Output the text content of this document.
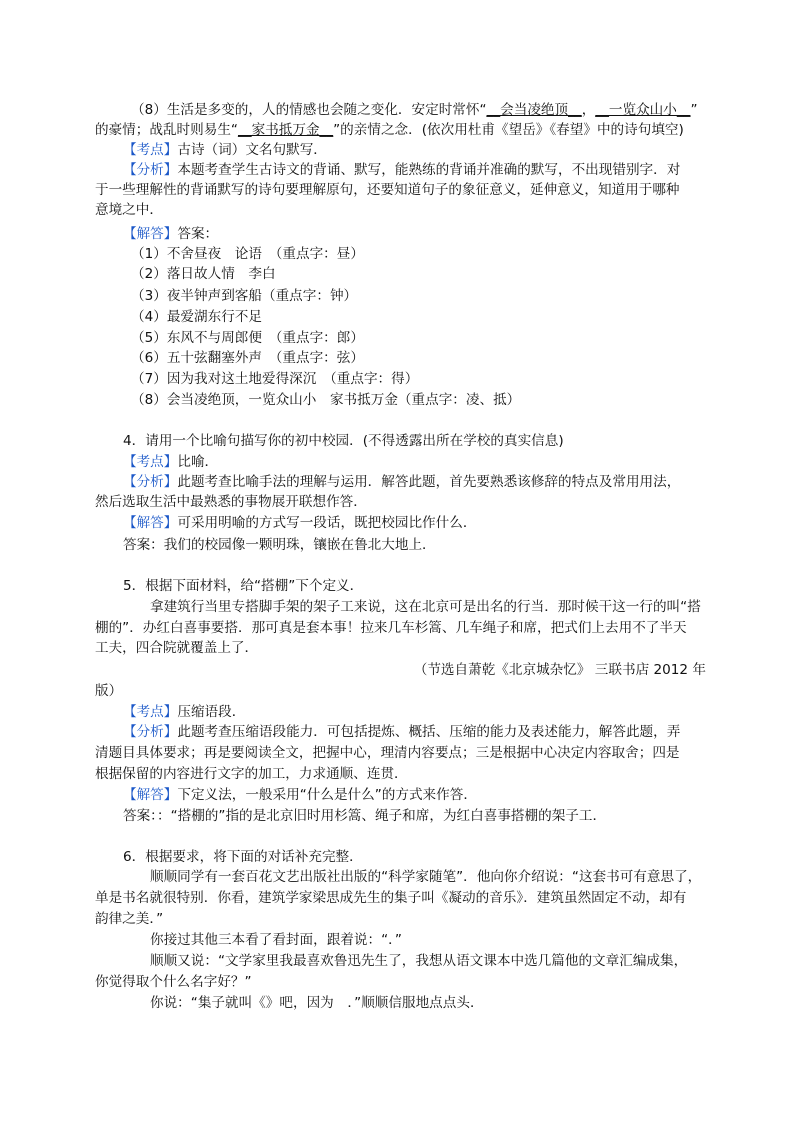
（8）生活是多变的，人的情感也会随之变化．安定时常怀“__会当凌绝顶__，__一览众山小__”
的豪情；战乱时则易生“__家书抵万金__”的亲情之念．(依次用杜甫《望岳》《春望》中的诗句填空)
【考点】古诗（词）文名句默写．
【分析】本题考查学生古诗文的背诵、默写，能熟练的背诵并准确的默写，不出现错别字．对
于一些理解性的背诵默写的诗句要理解原句，还要知道句子的象征意义，延伸意义，知道用于哪种
意境之中．
【解答】答案：
（1）不舍昼夜　论语　（重点字：昼）
（2）落日故人情　李白
（3）夜半钟声到客船（重点字：钟）
（4）最爱湖东行不足
（5）东风不与周郎便　（重点字：郎）
（6）五十弦翻塞外声　（重点字：弦）
（7）因为我对这土地爱得深沉　（重点字：得）
（8）会当凌绝顶，一览众山小　家书抵万金（重点字：凌、抵）
4．请用一个比喻句描写你的初中校园．(不得透露出所在学校的真实信息)
【考点】比喻．
【分析】此题考查比喻手法的理解与运用．解答此题，首先要熟悉该修辞的特点及常用用法，
然后选取生活中最熟悉的事物展开联想作答．
【解答】可采用明喻的方式写一段话，既把校园比作什么．
答案：我们的校园像一颗明珠，镶嵌在鲁北大地上．
5．根据下面材料，给“搭棚”下个定义．
拿建筑行当里专搭脚手架的架子工来说，这在北京可是出名的行当．那时候干这一行的叫“搭
棚的”．办红白喜事要搭．那可真是套本事！拉来几车杉篙、几车绳子和席，把式们上去用不了半天
工夫，四合院就覆盖上了．
（节选自萧乾《北京城杂忆》 三联书店 2012 年
版）
【考点】压缩语段．
【分析】此题考查压缩语段能力．可包括提炼、概括、压缩的能力及表述能力，解答此题，弄
清题目具体要求；再是要阅读全文，把握中心，理清内容要点；三是根据中心决定内容取舍；四是
根据保留的内容进行文字的加工，力求通顺、连贯．
【解答】下定义法，一般采用“什么是什么”的方式来作答．
答案：：“搭棚的”指的是北京旧时用杉篙、绳子和席，为红白喜事搭棚的架子工．
6．根据要求，将下面的对话补充完整．
顺顺同学有一套百花文艺出版社出版的“科学家随笔”．他向你介绍说：“这套书可有意思了，
单是书名就很特别．你看，建筑学家梁思成先生的集子叫《凝动的音乐》．建筑虽然固定不动，却有
韵律之美．”
你接过其他三本看了看封面，跟着说：“．”
顺顺又说：“文学家里我最喜欢鲁迅先生了，我想从语文课本中选几篇他的文章汇编成集，
你觉得取个什么名字好？”
你说：“集子就叫《》吧，因为　．”顺顺信服地点点头．
